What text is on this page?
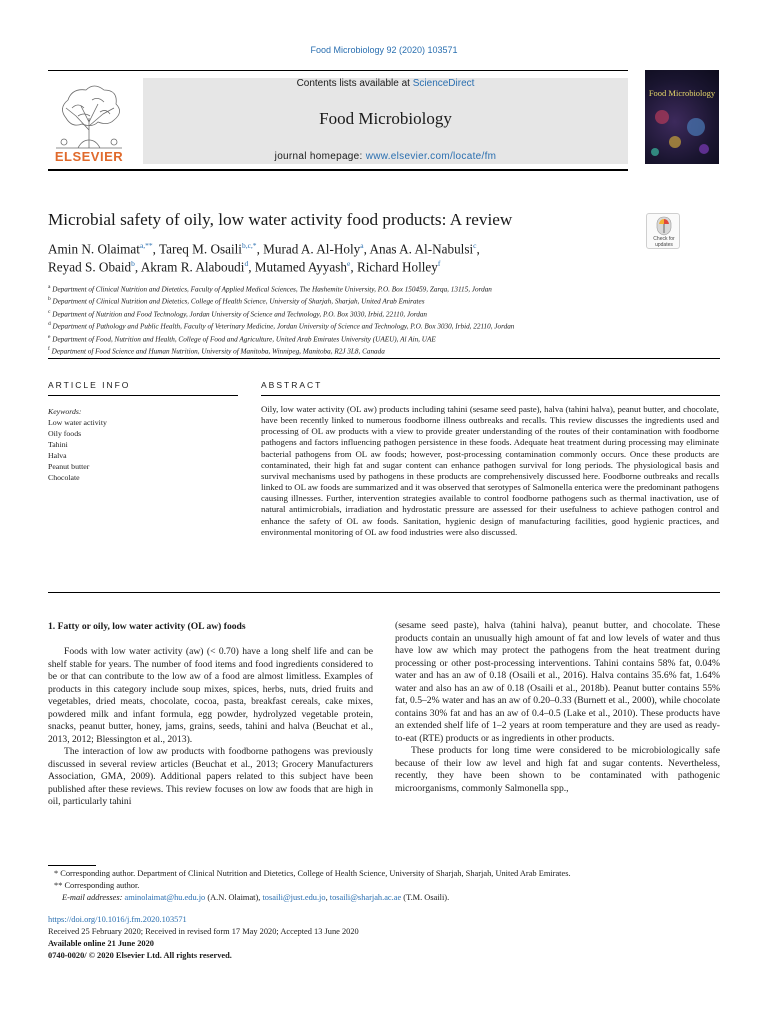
Food Microbiology 92 (2020) 103571
ELSEVIER
Contents lists available at ScienceDirect
Food Microbiology
journal homepage: www.elsevier.com/locate/fm
Food Microbiology
Microbial safety of oily, low water activity food products: A review
Check for updates
Amin N. Olaimat$^{a,**}$, Tareq M. Osaili$^{b,c,*}$, Murad A. Al-Holy$^a$, Anas A. Al-Nabulsi$^c$,
Reyad S. Obaid$^b$, Akram R. Alaboudi$^d$, Mutamed Ayyash$^e$, Richard Holley$^f$
$^a$ Department of Clinical Nutrition and Dietetics, Faculty of Applied Medical Sciences, The Hashemite University, P.O. Box 150459, Zarqa, 13115, Jordan
$^b$ Department of Clinical Nutrition and Dietetics, College of Health Science, University of Sharjah, Sharjah, United Arab Emirates
$^c$ Department of Nutrition and Food Technology, Jordan University of Science and Technology, P.O. Box 3030, Irbid, 22110, Jordan
$^d$ Department of Pathology and Public Health, Faculty of Veterinary Medicine, Jordan University of Science and Technology, P.O. Box 3030, Irbid, 22110, Jordan
$^e$ Department of Food, Nutrition and Health, College of Food and Agriculture, United Arab Emirates University (UAEU), Al Ain, UAE
$^f$ Department of Food Science and Human Nutrition, University of Manitoba, Winnipeg, Manitoba, R2J 3L8, Canada
ARTICLE INFO
Keywords:
Low water activity
Oily foods
Tahini
Halva
Peanut butter
Chocolate
ABSTRACT
Oily, low water activity (OL aw) products including tahini (sesame seed paste), halva (tahini halva), peanut butter, and chocolate, have been recently linked to numerous foodborne illness outbreaks and recalls. This review discusses the ingredients used and processing of OL aw products with a view to provide greater understanding of the routes of their contamination with foodborne pathogens and factors influencing pathogen persistence in these foods. Adequate heat treatment during processing may eliminate bacterial pathogens from OL aw foods; however, post-processing contamination commonly occurs. Once these products are contaminated, their high fat and sugar content can enhance pathogen survival for long periods. The physiological basis and survival mechanisms used by pathogens in these products are comprehensively discussed here. Foodborne outbreaks and recalls linked to OL aw foods are summarized and it was observed that serotypes of Salmonella enterica were the predominant pathogens causing illnesses. Further, intervention strategies available to control foodborne pathogens such as thermal inactivation, use of natural antimicrobials, irradiation and hydrostatic pressure are assessed for their usefulness to achieve pathogen control and enhance the safety of OL aw foods. Sanitation, hygienic design of manufacturing facilities, good hygienic practices, and environmental monitoring of OL aw food industries were also discussed.
1. Fatty or oily, low water activity (OL aw) foods

Foods with low water activity (aw) (< 0.70) have a long shelf life and can be shelf stable for years. The number of food items and food ingredients considered to be or that can contribute to the low aw of a food are almost limitless. Examples of products in this category include soup mixes, spices, herbs, nuts, dried fruits and vegetables, dried meats, chocolate, cocoa, pasta, breakfast cereals, cake mixes, powdered milk and infant formula, egg powder, hydrolyzed vegetable protein, snacks, peanut butter, honey, jams, grains, seeds, tahini and halva (Beuchat et al., 2013, 2012; Blessington et al., 2013).

The interaction of low aw products with foodborne pathogens was previously discussed in several review articles (Beuchat et al., 2013; Grocery Manufacturers Association, GMA, 2009). Additional papers related to this subject have been published after these reviews. This review focuses on low aw foods that are high in oil, particularly tahini

(sesame seed paste), halva (tahini halva), peanut butter, and chocolate. These products contain an unusually high amount of fat and low levels of water and thus have low aw which may protect the pathogens from the heat treatment during processing or other post-processing interventions. Tahini contains 58% fat, 0.04% water and has an aw of 0.18 (Osaili et al., 2016). Halva contains 35.6% fat, 1.64% water and also has an aw of 0.18 (Osaili et al., 2018b). Peanut butter contains 55% fat, 0.5–2% water and has an aw of 0.20–0.33 (Burnett et al., 2000), while chocolate contains 30% fat and has an aw of 0.4–0.5 (Lake et al., 2010). These products have an extended shelf life of 1–2 years at room temperature and they are used as ready-to-eat (RTE) products or as ingredients in other products.

These products for long time were considered to be microbiologically safe because of their low aw level and high fat and sugar contents. Nevertheless, recently, they have been shown to be contaminated with pathogenic microorganisms, commonly Salmonella spp.,

* Corresponding author. Department of Clinical Nutrition and Dietetics, College of Health Science, University of Sharjah, Sharjah, United Arab Emirates.
** Corresponding author.
E-mail addresses: aminolaimat@hu.edu.jo (A.N. Olaimat), tosaili@just.edu.jo, tosaili@sharjah.ac.ae (T.M. Osaili).
https://doi.org/10.1016/j.fm.2020.103571
Received 25 February 2020; Received in revised form 17 May 2020; Accepted 13 June 2020
Available online 21 June 2020
0740-0020/ © 2020 Elsevier Ltd. All rights reserved.
